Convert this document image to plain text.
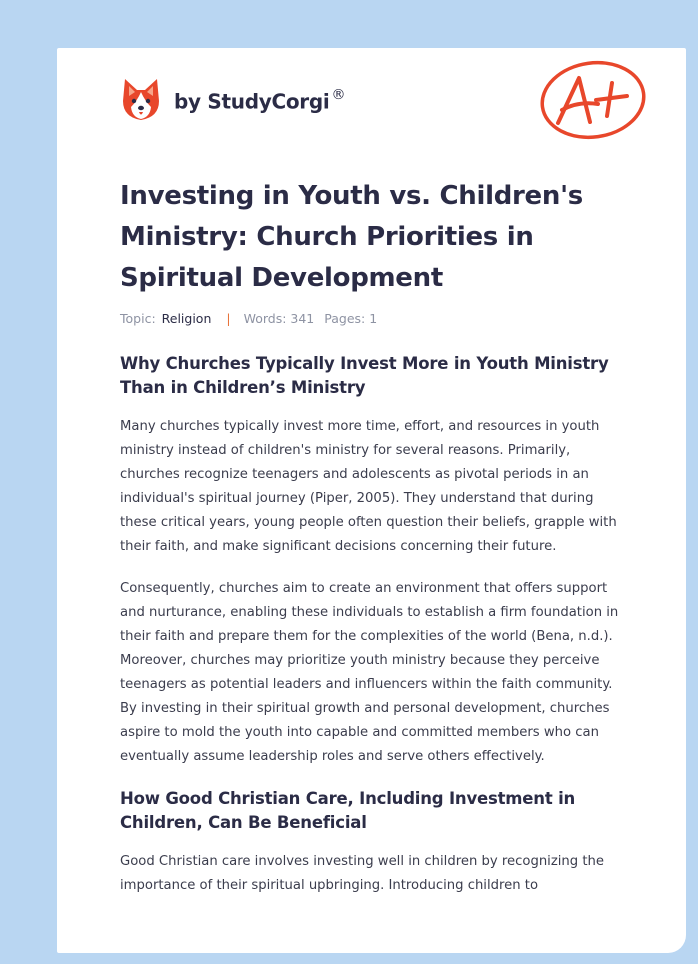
by StudyCorgi ®
Investing in Youth vs. Children's Ministry: Church Priorities in Spiritual Development
Topic: Religion | Words: 341 Pages: 1
Why Churches Typically Invest More in Youth Ministry Than in Children’s Ministry

Many churches typically invest more time, effort, and resources in youth ministry instead of children's ministry for several reasons. Primarily, churches recognize teenagers and adolescents as pivotal periods in an individual's spiritual journey (Piper, 2005). They understand that during these critical years, young people often question their beliefs, grapple with their faith, and make significant decisions concerning their future.

Consequently, churches aim to create an environment that offers support and nurturance, enabling these individuals to establish a firm foundation in their faith and prepare them for the complexities of the world (Bena, n.d.). Moreover, churches may prioritize youth ministry because they perceive teenagers as potential leaders and influencers within the faith community. By investing in their spiritual growth and personal development, churches aspire to mold the youth into capable and committed members who can eventually assume leadership roles and serve others effectively.

How Good Christian Care, Including Investment in Children, Can Be Beneficial

Good Christian care involves investing well in children by recognizing the importance of their spiritual upbringing. Introducing children to
